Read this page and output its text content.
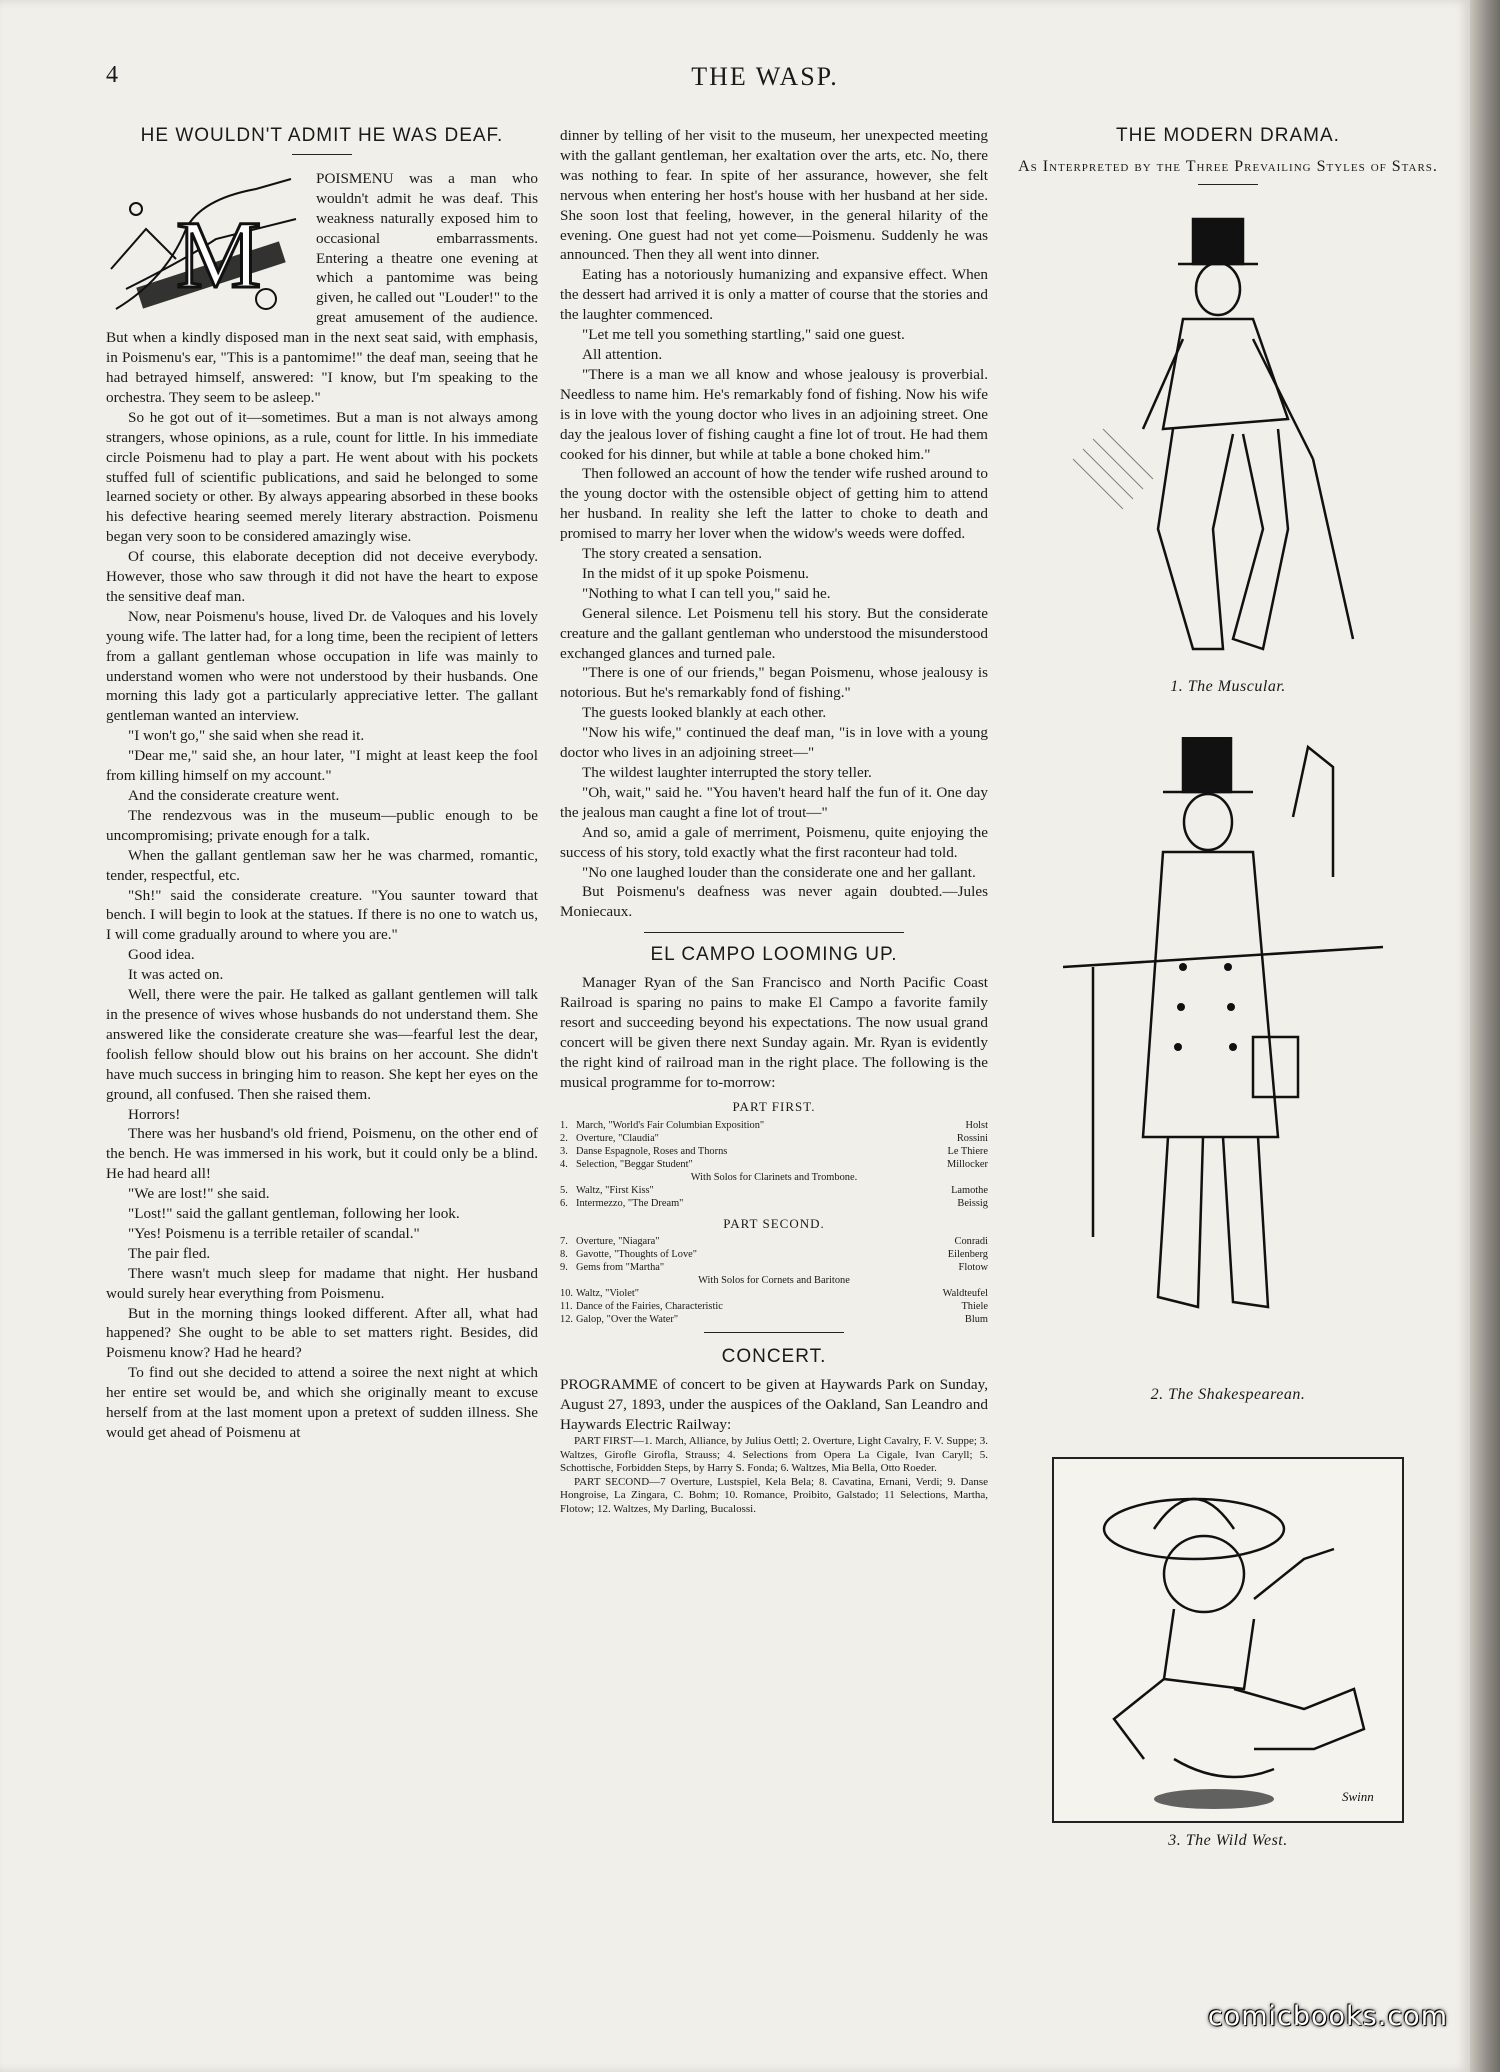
4	THE WASP.
HE WOULDN'T ADMIT HE WAS DEAF.
M

POISMENU was a man who wouldn't admit he was deaf. This weakness naturally exposed him to occasional embarrassments. Entering a theatre one evening at which a pantomime was being given, he called out "Louder!" to the great amusement of the audience. But when a kindly disposed man in the next seat said, with emphasis, in Poismenu's ear, "This is a pantomime!" the deaf man, seeing that he had betrayed himself, answered: "I know, but I'm speaking to the orchestra. They seem to be asleep."

So he got out of it—sometimes. But a man is not always among strangers, whose opinions, as a rule, count for little. In his immediate circle Poismenu had to play a part. He went about with his pockets stuffed full of scientific publications, and said he belonged to some learned society or other. By always appearing absorbed in these books his defective hearing seemed merely literary abstraction. Poismenu began very soon to be considered amazingly wise.

Of course, this elaborate deception did not deceive everybody. However, those who saw through it did not have the heart to expose the sensitive deaf man.

Now, near Poismenu's house, lived Dr. de Valoques and his lovely young wife. The latter had, for a long time, been the recipient of letters from a gallant gentleman whose occupation in life was mainly to understand women who were not understood by their husbands. One morning this lady got a particularly appreciative letter. The gallant gentleman wanted an interview.

"I won't go," she said when she read it.

"Dear me," said she, an hour later, "I might at least keep the fool from killing himself on my account."

And the considerate creature went.

The rendezvous was in the museum—public enough to be uncompromising; private enough for a talk.

When the gallant gentleman saw her he was charmed, romantic, tender, respectful, etc.

"Sh!" said the considerate creature. "You saunter toward that bench. I will begin to look at the statues. If there is no one to watch us, I will come gradually around to where you are."

Good idea.

It was acted on.

Well, there were the pair. He talked as gallant gentlemen will talk in the presence of wives whose husbands do not understand them. She answered like the considerate creature she was—fearful lest the dear, foolish fellow should blow out his brains on her account. She didn't have much success in bringing him to reason. She kept her eyes on the ground, all confused. Then she raised them.

Horrors!

There was her husband's old friend, Poismenu, on the other end of the bench. He was immersed in his work, but it could only be a blind. He had heard all!

"We are lost!" she said.

"Lost!" said the gallant gentleman, following her look.

"Yes! Poismenu is a terrible retailer of scandal."

The pair fled.

There wasn't much sleep for madame that night. Her husband would surely hear everything from Poismenu.

But in the morning things looked different. After all, what had happened? She ought to be able to set matters right. Besides, did Poismenu know? Had he heard?

To find out she decided to attend a soiree the next night at which her entire set would be, and which she originally meant to excuse herself from at the last moment upon a pretext of sudden illness. She would get ahead of Poismenu at

dinner by telling of her visit to the museum, her unexpected meeting with the gallant gentleman, her exaltation over the arts, etc. No, there was nothing to fear. In spite of her assurance, however, she felt nervous when entering her host's house with her husband at her side. She soon lost that feeling, however, in the general hilarity of the evening. One guest had not yet come—Poismenu. Suddenly he was announced. Then they all went into dinner.

Eating has a notoriously humanizing and expansive effect. When the dessert had arrived it is only a matter of course that the stories and the laughter commenced.

"Let me tell you something startling," said one guest.

All attention.

"There is a man we all know and whose jealousy is proverbial. Needless to name him. He's remarkably fond of fishing. Now his wife is in love with the young doctor who lives in an adjoining street. One day the jealous lover of fishing caught a fine lot of trout. He had them cooked for his dinner, but while at table a bone choked him."

Then followed an account of how the tender wife rushed around to the young doctor with the ostensible object of getting him to attend her husband. In reality she left the latter to choke to death and promised to marry her lover when the widow's weeds were doffed.

The story created a sensation.

In the midst of it up spoke Poismenu.

"Nothing to what I can tell you," said he.

General silence. Let Poismenu tell his story. But the considerate creature and the gallant gentleman who understood the misunderstood exchanged glances and turned pale.

"There is one of our friends," began Poismenu, whose jealousy is notorious. But he's remarkably fond of fishing."

The guests looked blankly at each other.

"Now his wife," continued the deaf man, "is in love with a young doctor who lives in an adjoining street—"

The wildest laughter interrupted the story teller.

"Oh, wait," said he. "You haven't heard half the fun of it. One day the jealous man caught a fine lot of trout—"

And so, amid a gale of merriment, Poismenu, quite enjoying the success of his story, told exactly what the first raconteur had told.

"No one laughed louder than the considerate one and her gallant.

But Poismenu's deafness was never again doubted.—Jules Moniecaux.

EL CAMPO LOOMING UP.

Manager Ryan of the San Francisco and North Pacific Coast Railroad is sparing no pains to make El Campo a favorite family resort and succeeding beyond his expectations. The now usual grand concert will be given there next Sunday again. Mr. Ryan is evidently the right kind of railroad man in the right place. The following is the musical programme for to-morrow:

PART FIRST.
1. March, "World's Fair Columbian Exposition"	Holst
2. Overture, "Claudia"	Rossini
3. Danse Espagnole, Roses and Thorns	Le Thiere
4. Selection, "Beggar Student"	Millocker
With Solos for Clarinets and Trombone.
5. Waltz, "First Kiss"	Lamothe
6. Intermezzo, "The Dream"	Beissig
PART SECOND.
7. Overture, "Niagara"	Conradi
8. Gavotte, "Thoughts of Love"	Eilenberg
9. Gems from "Martha"	Flotow
With Solos for Cornets and Baritone
10. Waltz, "Violet"	Waldteufel
11. Dance of the Fairies, Characteristic	Thiele
12. Galop, "Over the Water"	Blum
CONCERT.

PROGRAMME of concert to be given at Haywards Park on Sunday, August 27, 1893, under the auspices of the Oakland, San Leandro and Haywards Electric Railway:

PART FIRST—1. March, Alliance, by Julius Oettl; 2. Overture, Light Cavalry, F. V. Suppe; 3. Waltzes, Girofle Girofla, Strauss; 4. Selections from Opera La Cigale, Ivan Caryll; 5. Schottische, Forbidden Steps, by Harry S. Fonda; 6. Waltzes, Mia Bella, Otto Roeder.

PART SECOND—7 Overture, Lustspiel, Kela Bela; 8. Cavatina, Ernani, Verdi; 9. Danse Hongroise, La Zingara, C. Bohm; 10. Romance, Proibito, Galstado; 11 Selections, Martha, Flotow; 12. Waltzes, My Darling, Bucalossi.

THE MODERN DRAMA.
As Interpreted by the Three Prevailing Styles of Stars.
1. The Muscular.
2. The Shakespearean.
Swinn
3. The Wild West.
comicbooks.com
